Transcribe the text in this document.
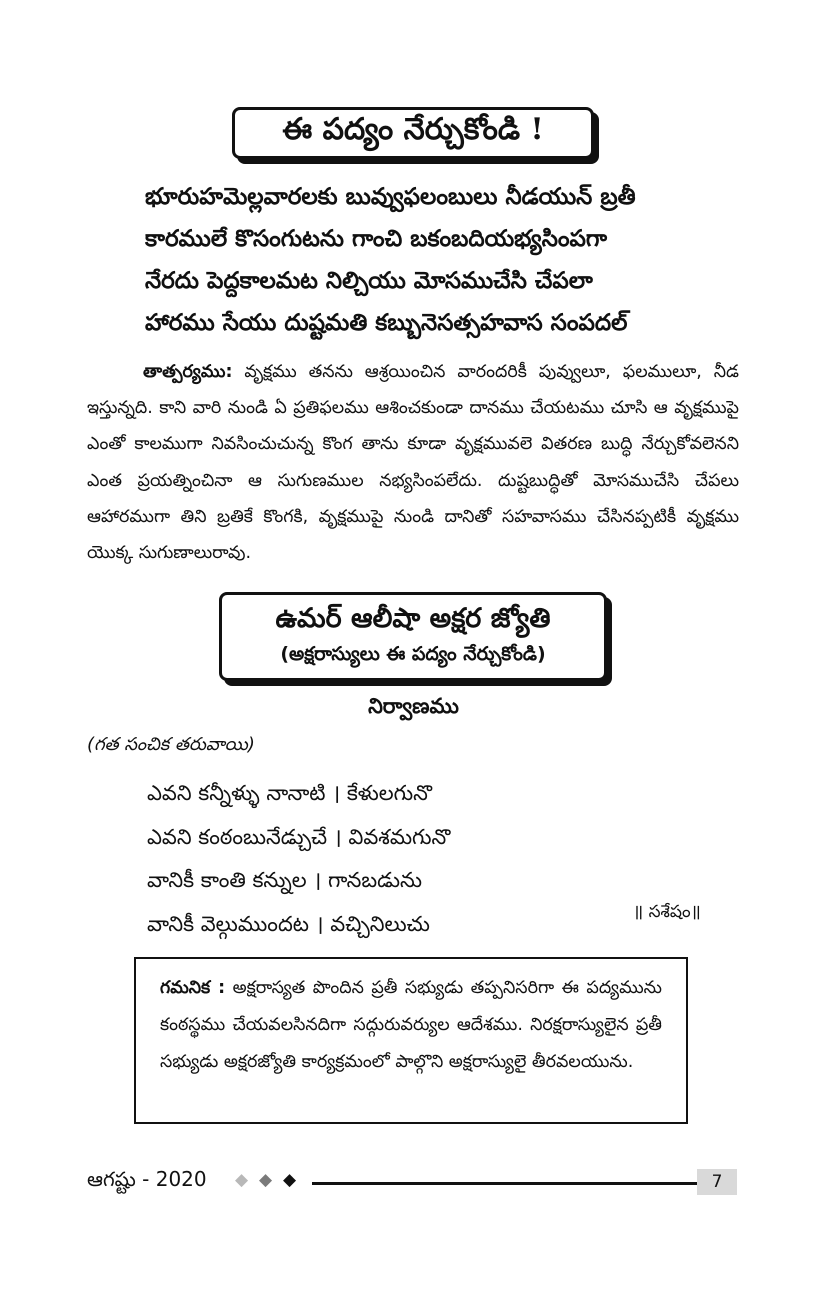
ఈ పద్యం నేర్చుకోండి !
భూరుహమెల్లవారలకు బువ్వుఫలంబులు నీడయున్ బ్రతీ
కారములే కొసంగుటను గాంచి బకంబదియభ్యసింపగా
నేరదు పెద్దకాలమట నిల్చియు మోసముచేసి చేపలా
హారము సేయు దుష్టమతి కబ్బునెసత్సహవాస సంపదల్
తాత్పర్యము: వృక్షము తనను ఆశ్రయించిన వారందరికీ పువ్వులూ, ఫలములూ, నీడ ఇస్తున్నది. కాని వారి నుండి ఏ ప్రతిఫలము ఆశించకుండా దానము చేయటము చూసి ఆ వృక్షముపై ఎంతో కాలముగా నివసించుచున్న కొంగ తాను కూడా వృక్షమువలె వితరణ బుద్ధి నేర్చుకోవలెనని ఎంత ప్రయత్నించినా ఆ సుగుణముల నభ్యసింపలేదు. దుష్టబుద్ధితో మోసముచేసి చేపలు ఆహారముగా తిని బ్రతికే కొంగకి, వృక్షముపై నుండి దానితో సహవాసము చేసినప్పటికీ వృక్షము యొక్క సుగుణాలురావు.
ఉమర్ ఆలీషా అక్షర జ్యోతి
(అక్షరాస్యులు ఈ పద్యం నేర్చుకోండి)
నిర్వాణము
(గత సంచిక తరువాయి)
ఎవని కన్నీళ్ళు నానాటి । కేళులగునొ
ఎవని కంఠంబునేడ్చుచే । వివశమగునొ
వానికీ కాంతి కన్నుల । గానబడును
వానికీ వెల్గుముందట । వచ్చినిలుచు	॥ సశేషం॥
గమనిక : అక్షరాస్యత పొందిన ప్రతీ సభ్యుడు తప్పనిసరిగా ఈ పద్యమును కంఠస్థము చేయవలసినదిగా సద్గురువర్యుల ఆదేశము. నిరక్షరాస్యులైన ప్రతీ సభ్యుడు అక్షరజ్యోతి కార్యక్రమంలో పాల్గొని అక్షరాస్యులై తీరవలయును.
ఆగష్టు - 2020 ◆ ◆ ◆	7
